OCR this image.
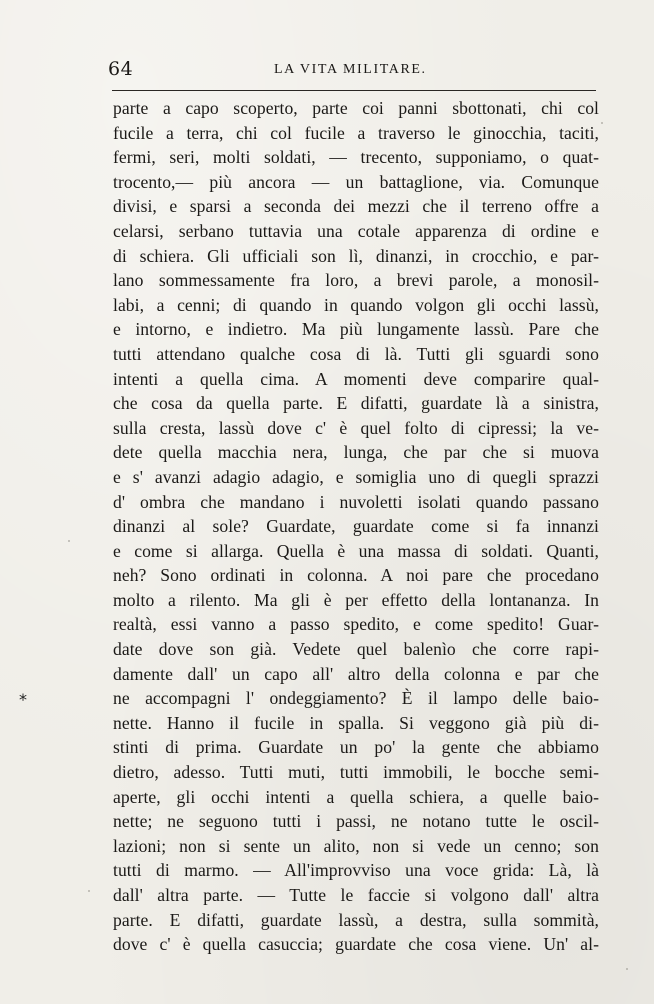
64	LA VITA MILITARE.
parte a capo scoperto, parte coi panni sbottonati, chi col
fucile a terra, chi col fucile a traverso le ginocchia, taciti,
fermi, seri, molti soldati, — trecento, supponiamo, o quat-
trocento,— più ancora — un battaglione, via. Comunque
divisi, e sparsi a seconda dei mezzi che il terreno offre a
celarsi, serbano tuttavia una cotale apparenza di ordine e
di schiera. Gli ufficiali son lì, dinanzi, in crocchio, e par-
lano sommessamente fra loro, a brevi parole, a monosil-
labi, a cenni; di quando in quando volgon gli occhi lassù,
e intorno, e indietro. Ma più lungamente lassù. Pare che
tutti attendano qualche cosa di là. Tutti gli sguardi sono
intenti a quella cima. A momenti deve comparire qual-
che cosa da quella parte. E difatti, guardate là a sinistra,
sulla cresta, lassù dove c' è quel folto di cipressi; la ve-
dete quella macchia nera, lunga, che par che si muova
e s' avanzi adagio adagio, e somiglia uno di quegli sprazzi
d' ombra che mandano i nuvoletti isolati quando passano
dinanzi al sole? Guardate, guardate come si fa innanzi
e come si allarga. Quella è una massa di soldati. Quanti,
neh? Sono ordinati in colonna. A noi pare che procedano
molto a rilento. Ma gli è per effetto della lontananza. In
realtà, essi vanno a passo spedito, e come spedito! Guar-
date dove son già. Vedete quel balenìo che corre rapi-
damente dall' un capo all' altro della colonna e par che
ne accompagni l' ondeggiamento? È il lampo delle baio-
nette. Hanno il fucile in spalla. Si veggono già più di-
stinti di prima. Guardate un po' la gente che abbiamo
dietro, adesso. Tutti muti, tutti immobili, le bocche semi-
aperte, gli occhi intenti a quella schiera, a quelle baio-
nette; ne seguono tutti i passi, ne notano tutte le oscil-
lazioni; non si sente un alito, non si vede un cenno; son
tutti di marmo. — All'improvviso una voce grida: Là, là
dall' altra parte. — Tutte le faccie si volgono dall' altra
parte. E difatti, guardate lassù, a destra, sulla sommità,
dove c' è quella casuccia; guardate che cosa viene. Un' al-
*
